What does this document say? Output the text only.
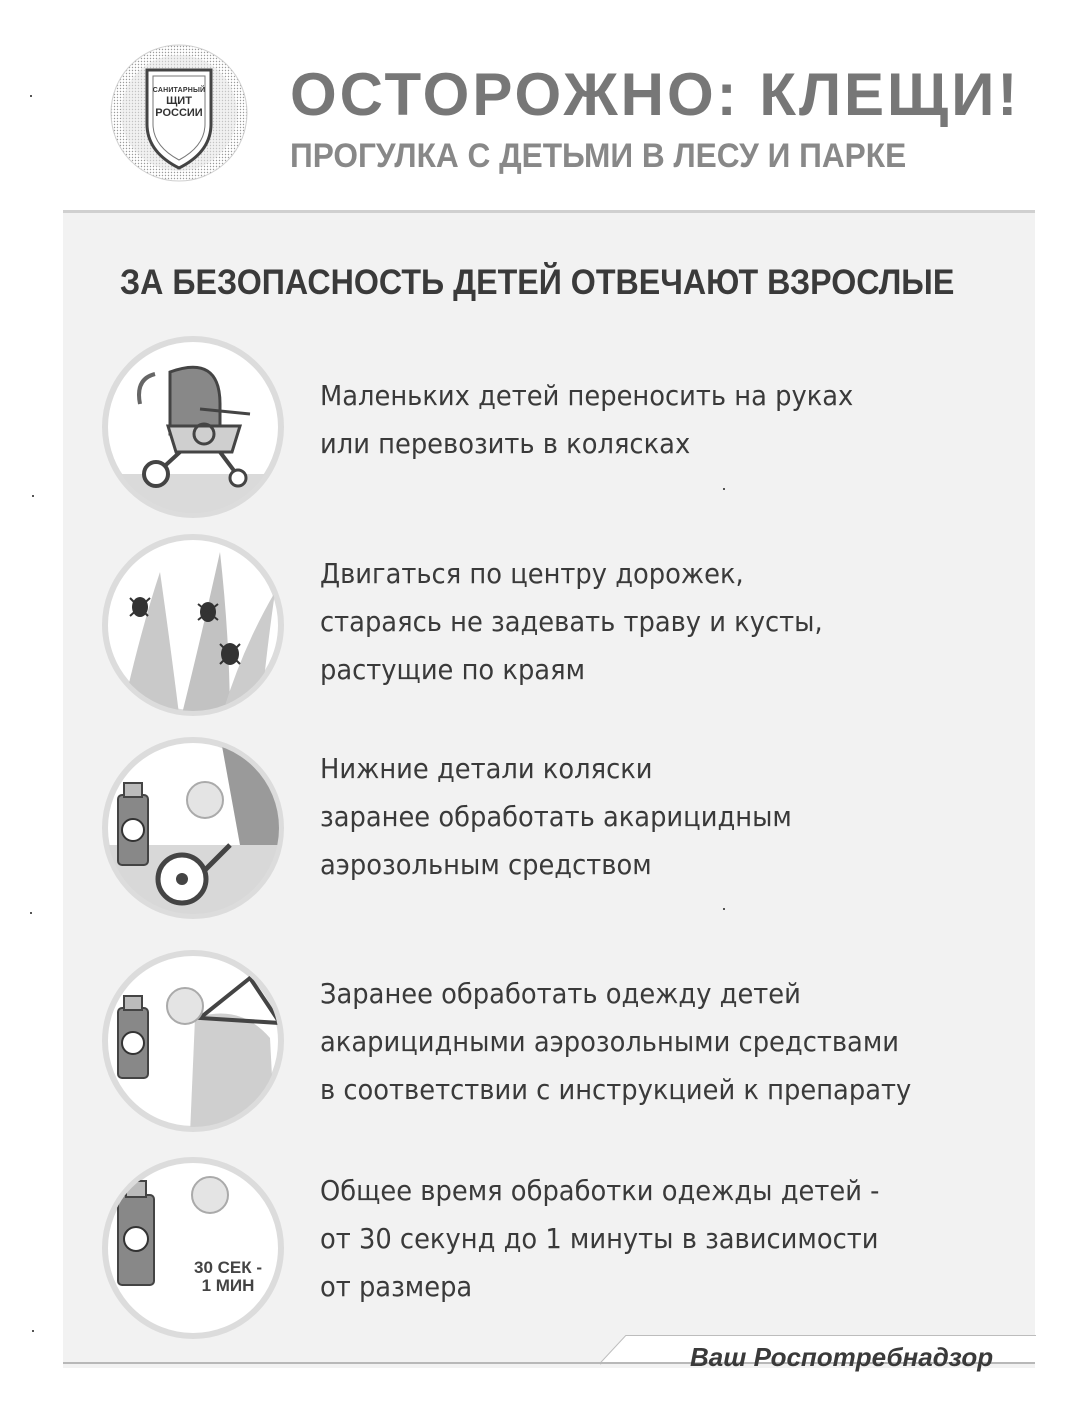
САНИТАРНЫЙ
ЩИТ
РОССИИ	ОСТОРОЖНО: КЛЕЩИ!
ПРОГУЛКА С ДЕТЬМИ В ЛЕСУ И ПАРКЕ
ЗА БЕЗОПАСНОСТЬ ДЕТЕЙ ОТВЕЧАЮТ ВЗРОСЛЫЕ
Маленьких детей переносить на руках
или перевозить в колясках
Двигаться по центру дорожек,
стараясь не задевать траву и кусты,
растущие по краям
Нижние детали коляски
заранее обработать акарицидным
аэрозольным средством
Заранее обработать одежду детей
акарицидными аэрозольными средствами
в соответствии с инструкцией к препарату
30 СЕК -
1 МИН
Общее время обработки одежды детей -
от 30 секунд до 1 минуты в зависимости
от размера
Ваш Роспотребнадзор
